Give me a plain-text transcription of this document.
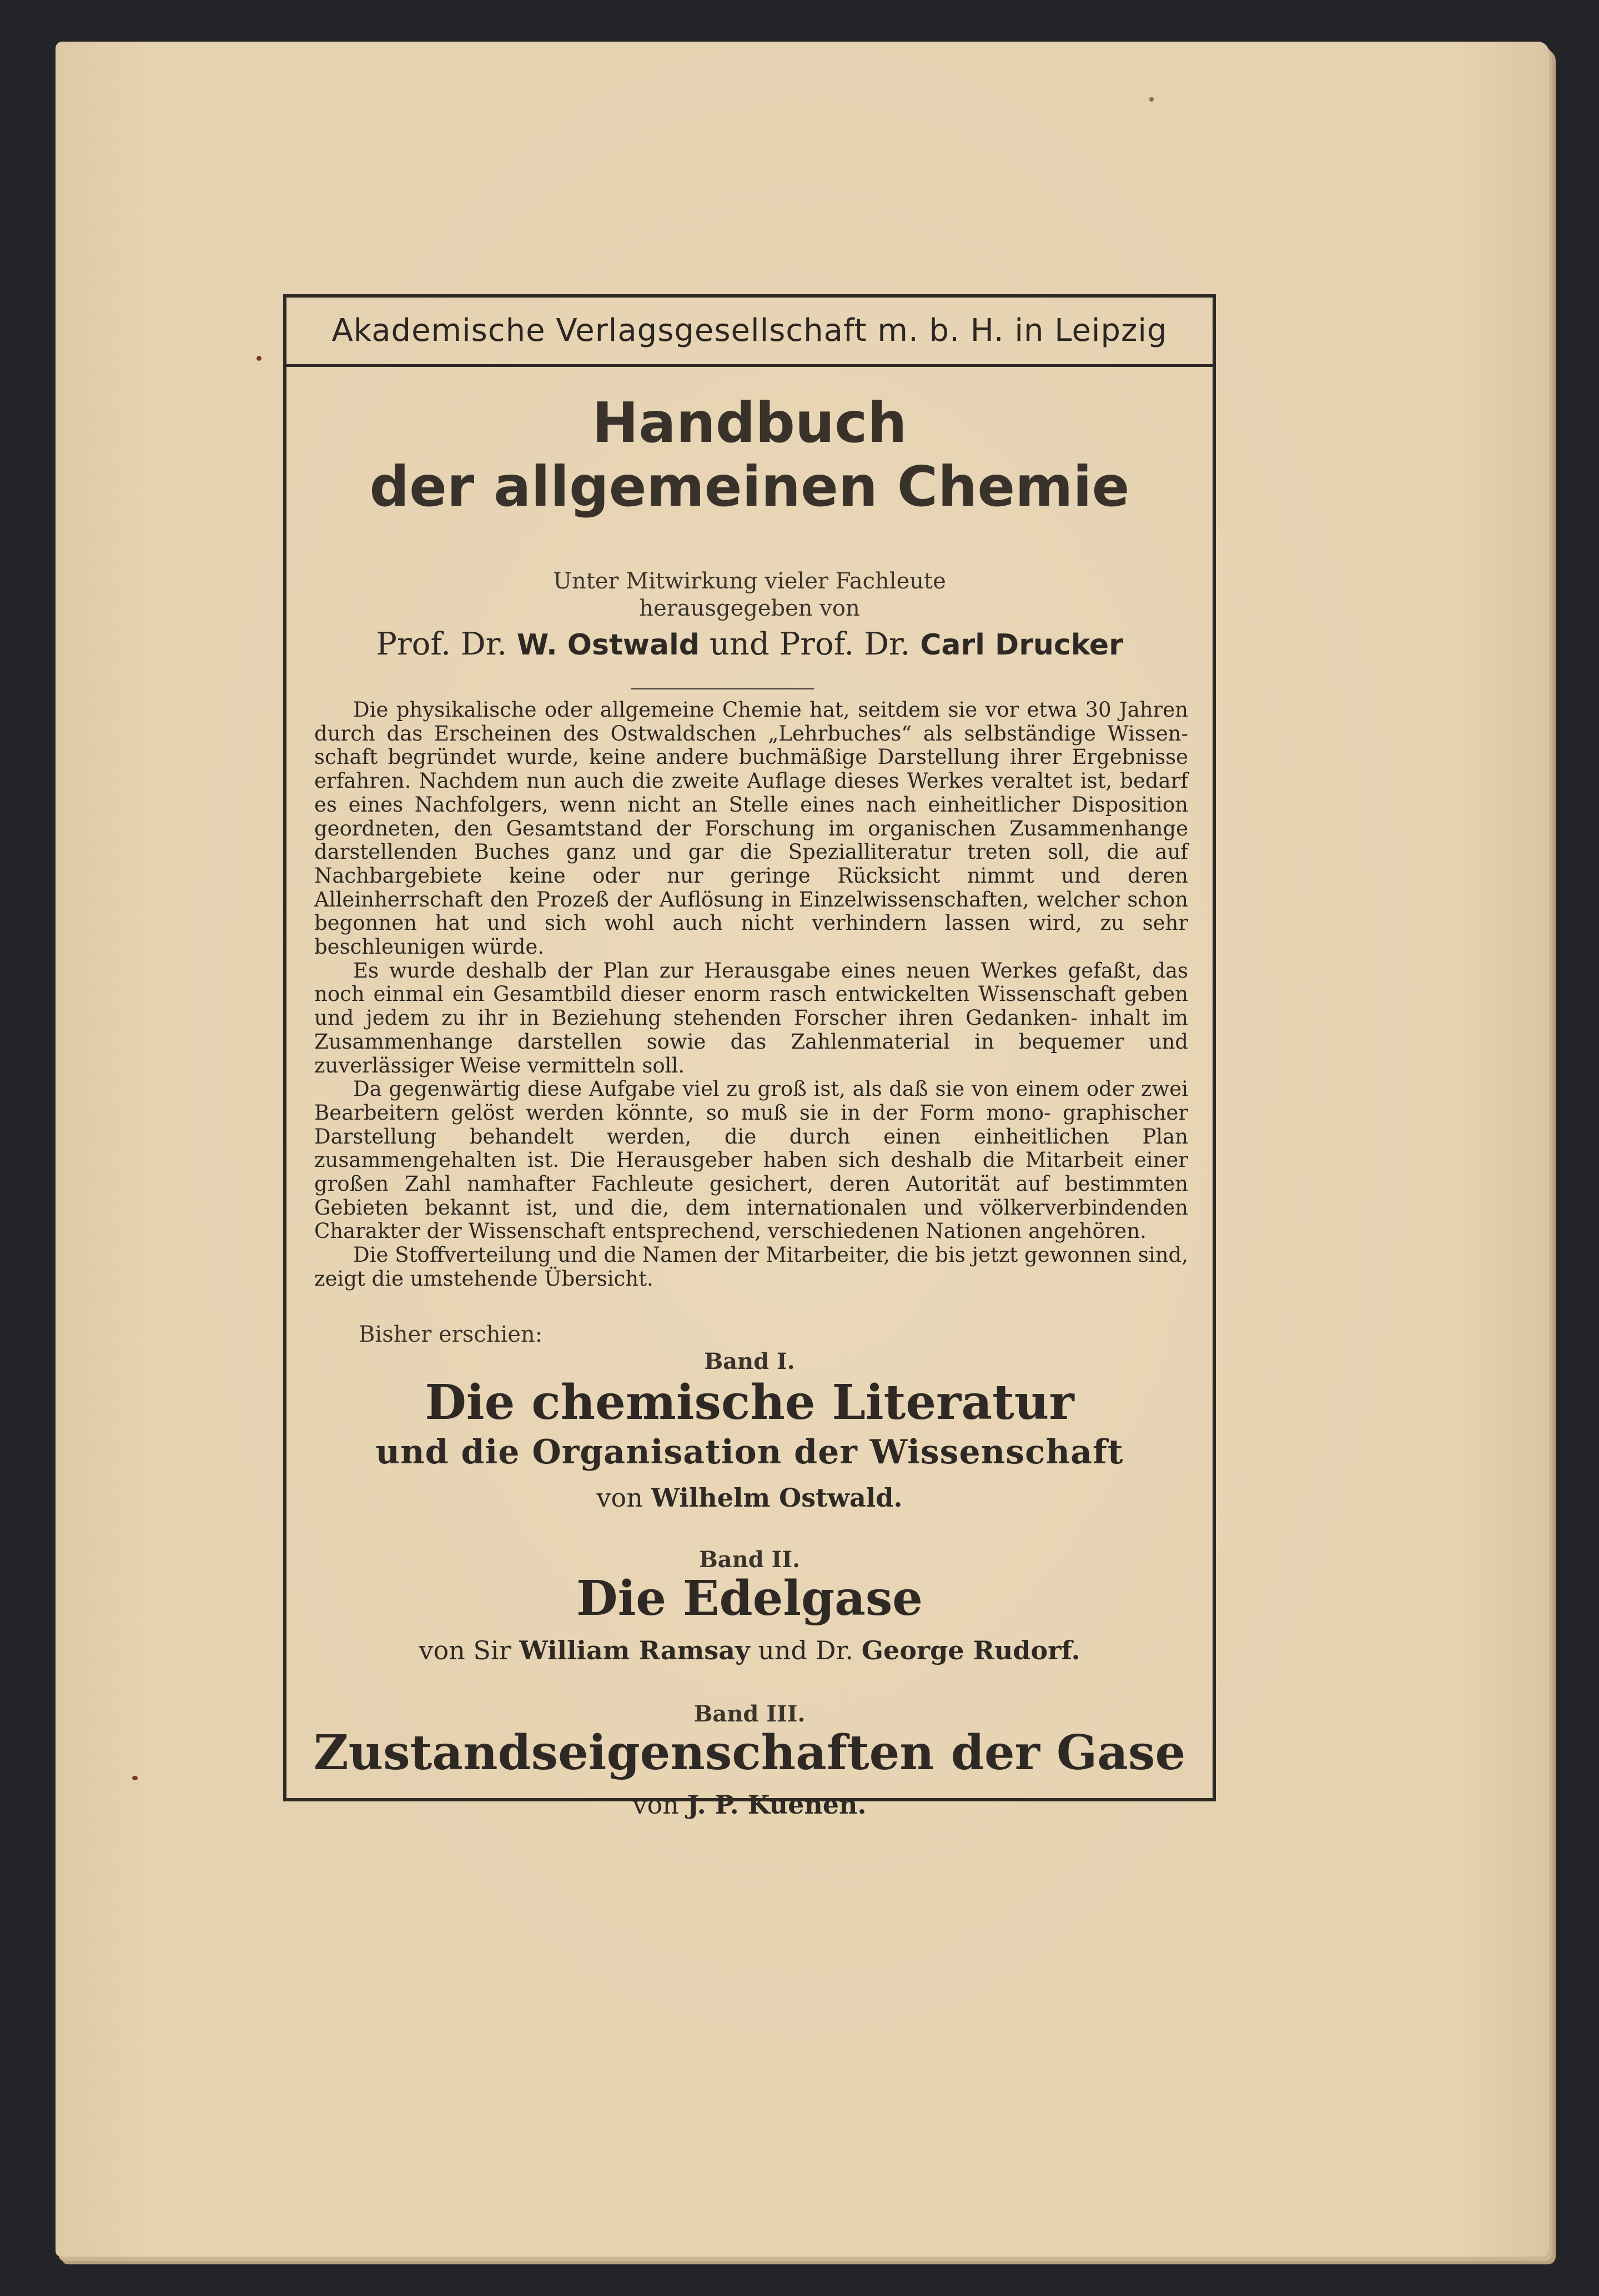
Akademische Verlagsgesellschaft m. b. H. in Leipzig
Handbuch
der allgemeinen Chemie
Unter Mitwirkung vieler Fachleute
herausgegeben von
Prof. Dr. W. Ostwald und Prof. Dr. Carl Drucker

Die physikalische oder allgemeine Chemie hat, seitdem sie vor etwa 30 Jahren durch das Erscheinen des Ostwaldschen „Lehrbuches“ als selbständige Wissen- schaft begründet wurde, keine andere buchmäßige Darstellung ihrer Ergebnisse erfahren. Nachdem nun auch die zweite Auflage dieses Werkes veraltet ist, bedarf es eines Nachfolgers, wenn nicht an Stelle eines nach einheitlicher Disposition geordneten, den Gesamtstand der Forschung im organischen Zusammenhange darstellenden Buches ganz und gar die Spezialliteratur treten soll, die auf Nachbargebiete keine oder nur geringe Rücksicht nimmt und deren Alleinherrschaft den Prozeß der Auflösung in Einzelwissenschaften, welcher schon begonnen hat und sich wohl auch nicht verhindern lassen wird, zu sehr beschleunigen würde.

Es wurde deshalb der Plan zur Herausgabe eines neuen Werkes gefaßt, das noch einmal ein Gesamtbild dieser enorm rasch entwickelten Wissenschaft geben und jedem zu ihr in Beziehung stehenden Forscher ihren Gedanken- inhalt im Zusammenhange darstellen sowie das Zahlenmaterial in bequemer und zuverlässiger Weise vermitteln soll.

Da gegenwärtig diese Aufgabe viel zu groß ist, als daß sie von einem oder zwei Bearbeitern gelöst werden könnte, so muß sie in der Form mono- graphischer Darstellung behandelt werden, die durch einen einheitlichen Plan zusammengehalten ist. Die Herausgeber haben sich deshalb die Mitarbeit einer großen Zahl namhafter Fachleute gesichert, deren Autorität auf bestimmten Gebieten bekannt ist, und die, dem internationalen und völkerverbindenden Charakter der Wissenschaft entsprechend, verschiedenen Nationen angehören.

Die Stoffverteilung und die Namen der Mitarbeiter, die bis jetzt gewonnen sind, zeigt die umstehende Übersicht.

Bisher erschien:
Band I.
Die chemische Literatur
und die Organisation der Wissenschaft
von Wilhelm Ostwald.
Band II.
Die Edelgase
von Sir William Ramsay und Dr. George Rudorf.
Band III.
Zustandseigenschaften der Gase
von J. P. Kuenen.
